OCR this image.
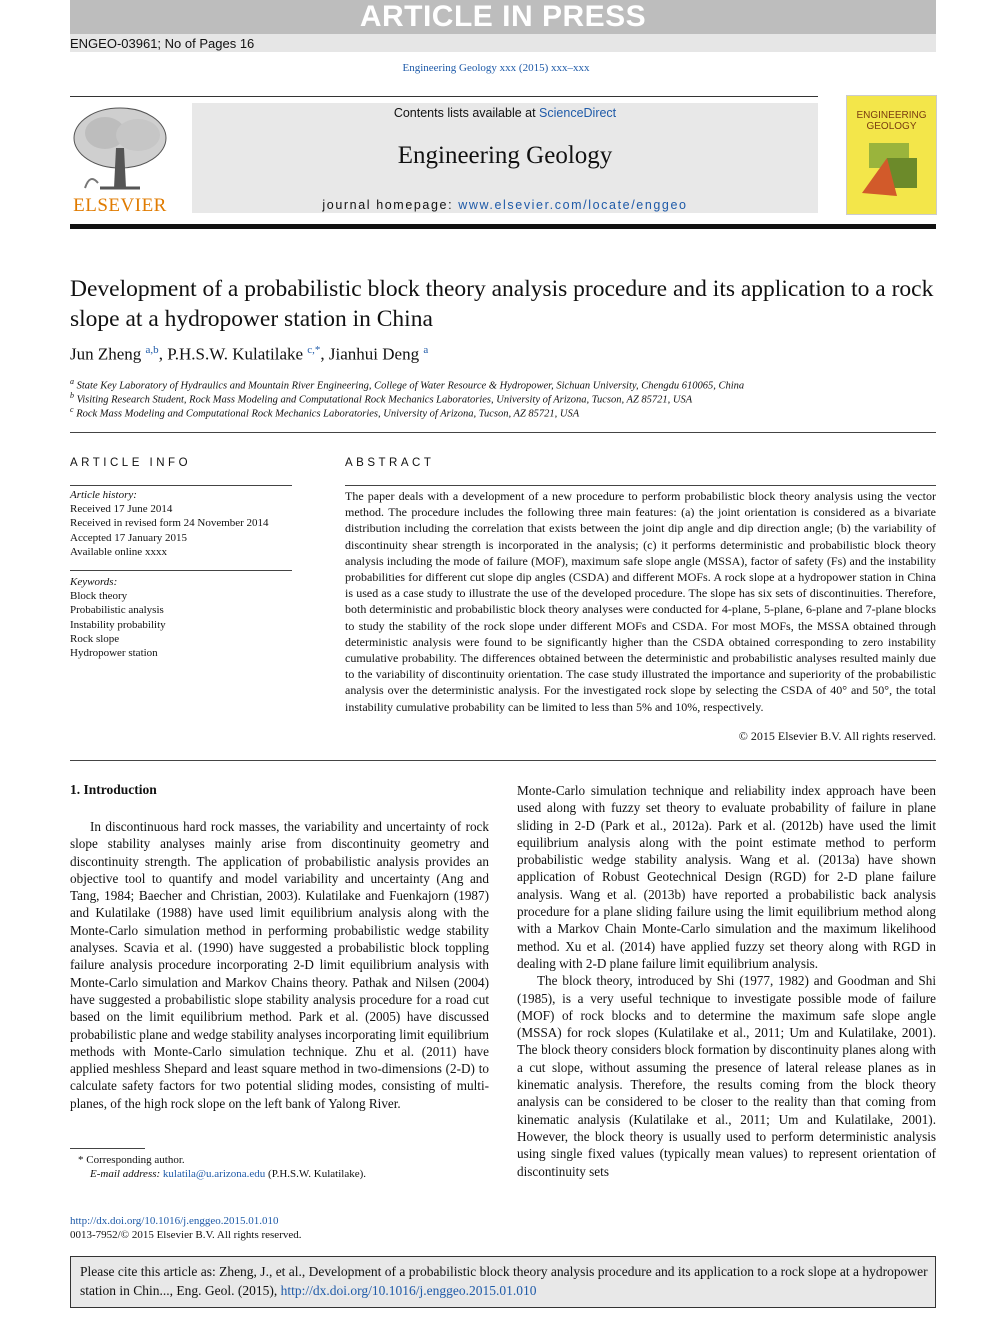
ARTICLE IN PRESS
ENGEO-03961; No of Pages 16
Engineering Geology xxx (2015) xxx–xxx
ELSEVIER
Contents lists available at ScienceDirect
Engineering Geology
journal homepage: www.elsevier.com/locate/enggeo
ENGINEERING
GEOLOGY
Development of a probabilistic block theory analysis procedure and its application to a rock slope at a hydropower station in China
Jun Zheng $^{a,b}$, P.H.S.W. Kulatilake $^{c,*}$, Jianhui Deng $^a$
$^a$ State Key Laboratory of Hydraulics and Mountain River Engineering, College of Water Resource & Hydropower, Sichuan University, Chengdu 610065, China
$^b$ Visiting Research Student, Rock Mass Modeling and Computational Rock Mechanics Laboratories, University of Arizona, Tucson, AZ 85721, USA
$^c$ Rock Mass Modeling and Computational Rock Mechanics Laboratories, University of Arizona, Tucson, AZ 85721, USA
ARTICLE INFO
Article history:
Received 17 June 2014
Received in revised form 24 November 2014
Accepted 17 January 2015
Available online xxxx
Keywords:
Block theory
Probabilistic analysis
Instability probability
Rock slope
Hydropower station
ABSTRACT
The paper deals with a development of a new procedure to perform probabilistic block theory analysis using the vector method. The procedure includes the following three main features: (a) the joint orientation is considered as a bivariate distribution including the correlation that exists between the joint dip angle and dip direction angle; (b) the variability of discontinuity shear strength is incorporated in the analysis; (c) it performs deterministic and probabilistic block theory analysis including the mode of failure (MOF), maximum safe slope angle (MSSA), factor of safety (Fs) and the instability probabilities for different cut slope dip angles (CSDA) and different MOFs. A rock slope at a hydropower station in China is used as a case study to illustrate the use of the developed procedure. The slope has six sets of discontinuities. Therefore, both deterministic and probabilistic block theory analyses were conducted for 4-plane, 5-plane, 6-plane and 7-plane blocks to study the stability of the rock slope under different MOFs and CSDA. For most MOFs, the MSSA obtained through deterministic analysis were found to be significantly higher than the CSDA obtained corresponding to zero instability cumulative probability. The differences obtained between the deterministic and probabilistic analyses resulted mainly due to the variability of discontinuity orientation. The case study illustrated the importance and superiority of the probabilistic analysis over the deterministic analysis. For the investigated rock slope by selecting the CSDA of 40° and 50°, the total instability cumulative probability can be limited to less than 5% and 10%, respectively.
© 2015 Elsevier B.V. All rights reserved.
1. Introduction

In discontinuous hard rock masses, the variability and uncertainty of rock slope stability analyses mainly arise from discontinuity geometry and discontinuity strength. The application of probabilistic analysis provides an objective tool to quantify and model variability and uncertainty (Ang and Tang, 1984; Baecher and Christian, 2003). Kulatilake and Fuenkajorn (1987) and Kulatilake (1988) have used limit equilibrium analysis along with the Monte-Carlo simulation method in performing probabilistic wedge stability analyses. Scavia et al. (1990) have suggested a probabilistic block toppling failure analysis procedure incorporating 2-D limit equilibrium analysis with Monte-Carlo simulation and Markov Chains theory. Pathak and Nilsen (2004) have suggested a probabilistic slope stability analysis procedure for a road cut based on the limit equilibrium method. Park et al. (2005) have discussed probabilistic plane and wedge stability analyses incorporating limit equilibrium methods with Monte-Carlo simulation technique. Zhu et al. (2011) have applied meshless Shepard and least square method in two-dimensions (2-D) to calculate safety factors for two potential sliding modes, consisting of multi-planes, of the high rock slope on the left bank of Yalong River.

Monte-Carlo simulation technique and reliability index approach have been used along with fuzzy set theory to evaluate probability of failure in plane sliding in 2-D (Park et al., 2012a). Park et al. (2012b) have used the limit equilibrium analysis along with the point estimate method to perform probabilistic wedge stability analysis. Wang et al. (2013a) have shown application of Robust Geotechnical Design (RGD) for 2-D plane failure analysis. Wang et al. (2013b) have reported a probabilistic back analysis procedure for a plane sliding failure using the limit equilibrium method along with a Markov Chain Monte-Carlo simulation and the maximum likelihood method. Xu et al. (2014) have applied fuzzy set theory along with RGD in dealing with 2-D plane failure limit equilibrium analysis.

The block theory, introduced by Shi (1977, 1982) and Goodman and Shi (1985), is a very useful technique to investigate possible mode of failure (MOF) of rock blocks and to determine the maximum safe slope angle (MSSA) for rock slopes (Kulatilake et al., 2011; Um and Kulatilake, 2001). The block theory considers block formation by discontinuity planes along with a cut slope, without assuming the presence of lateral release planes as in kinematic analysis. Therefore, the results coming from the block theory analysis can be considered to be closer to the reality than that coming from kinematic analysis (Kulatilake et al., 2011; Um and Kulatilake, 2001). However, the block theory is usually used to perform deterministic analysis using single fixed values (typically mean values) to represent orientation of discontinuity sets

* Corresponding author.
E-mail address: kulatila@u.arizona.edu (P.H.S.W. Kulatilake).
http://dx.doi.org/10.1016/j.enggeo.2015.01.010
0013-7952/© 2015 Elsevier B.V. All rights reserved.
Please cite this article as: Zheng, J., et al., Development of a probabilistic block theory analysis procedure and its application to a rock slope at a hydropower station in Chin..., Eng. Geol. (2015), http://dx.doi.org/10.1016/j.enggeo.2015.01.010
